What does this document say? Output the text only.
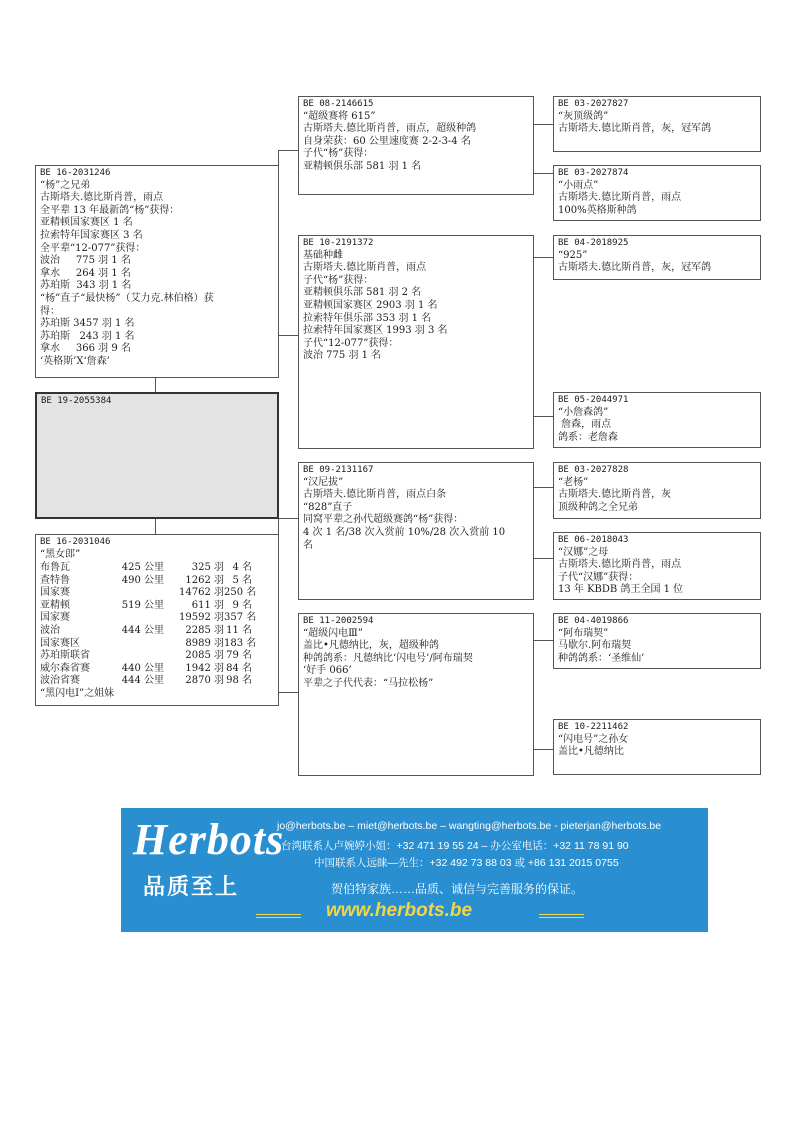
BE 16-2031246
“杨”之兄弟
古斯塔夫.德比斯肖普，雨点
全平辈 13 年最新鸽“杨”获得：
亚精顿国家赛区 1 名
拉索特年国家赛区 3 名
全平辈“12-077”获得：
波治     775 羽 1 名
拿水     264 羽 1 名
苏珀斯  343 羽 1 名
“杨”直子“最快杨”（艾力克.林伯格）获
得：
苏珀斯 3457 羽 1 名
苏珀斯   243 羽 1 名
拿水     366 羽 9 名
‘英格斯’X‘詹森’
BE 19-2055384
BE 16-2031046
“黑女郎”
布鲁瓦	425 公里	325 羽 4 名
查特鲁	490 公里	1262 羽 5 名
国家赛	14762 羽 250 名
亚精顿	519 公里	611 羽 9 名
国家赛	19592 羽 357 名
波治	444 公里	2285 羽 11 名
国家赛区	8989 羽 183 名
苏珀斯联省	2085 羽 79 名
威尔森省赛	440 公里	1942 羽 84 名
波治省赛	444 公里	2870 羽 98 名
“黑闪电Ⅰ”之姐妹
BE 08-2146615
“超级赛将 615”
古斯塔夫.德比斯肖普，雨点，超级种鸽
自身荣获：60 公里速度赛 2-2-3-4 名
子代“杨”获得：
亚精顿俱乐部 581 羽 1 名
BE 10-2191372
基础种雌
古斯塔夫.德比斯肖普，雨点
子代“杨”获得：
亚精顿俱乐部 581 羽 2 名
亚精顿国家赛区 2903 羽 1 名
拉索特年俱乐部 353 羽 1 名
拉索特年国家赛区 1993 羽 3 名
子代“12-077”获得：
波治 775 羽 1 名
BE 09-2131167
“汉尼拔”
古斯塔夫.德比斯肖普，雨点白条
“828”直子
同窝平辈之孙代超级赛鸽“杨”获得：
4 次 1 名/38 次入赏前 10%/28 次入赏前 10
名
BE 11-2002594
“超级闪电Ⅲ”
盖比•凡德纳比，灰，超级种鸽
种鸽鸽系：凡德纳比‘闪电号’/阿布瑞契
‘好手 066’
平辈之子代代表：“马拉松杨”
BE 03-2027827
“灰顶级鸽”
古斯塔夫.德比斯肖普，灰，冠军鸽
BE 03-2027874
“小雨点”
古斯塔夫.德比斯肖普，雨点
100%英格斯种鸽
BE 04-2018925
“925”
古斯塔夫.德比斯肖普，灰，冠军鸽
BE 05-2044971
“小詹森鸽”
詹森，雨点
鸽系：老詹森
BE 03-2027828
“老杨”
古斯塔夫.德比斯肖普，灰
顶级种鸽之全兄弟
BE 06-2018043
“汉娜”之母
古斯塔夫.德比斯肖普，雨点
子代“汉娜”获得：
13 年 KBDB 鸽王全国 1 位
BE 04-4019866
“阿布瑞契”
马歇尔.阿布瑞契
种鸽鸽系：‘圣维仙’
BE 10-2211462
“闪电号”之孙女
盖比•凡德纳比
Herbots
品质至上
jo@herbots.be – miet@herbots.be – wangting@herbots.be - pieterjan@herbots.be
台湾联系人卢婉婷小姐：+32 471 19 55 24 – 办公室电话：+32 11 78 91 90
中国联系人远睐—先生：+32 492 73 88 03 或 +86 131 2015 0755
贺伯特家族……品质、诚信与完善服务的保证。
www.herbots.be
